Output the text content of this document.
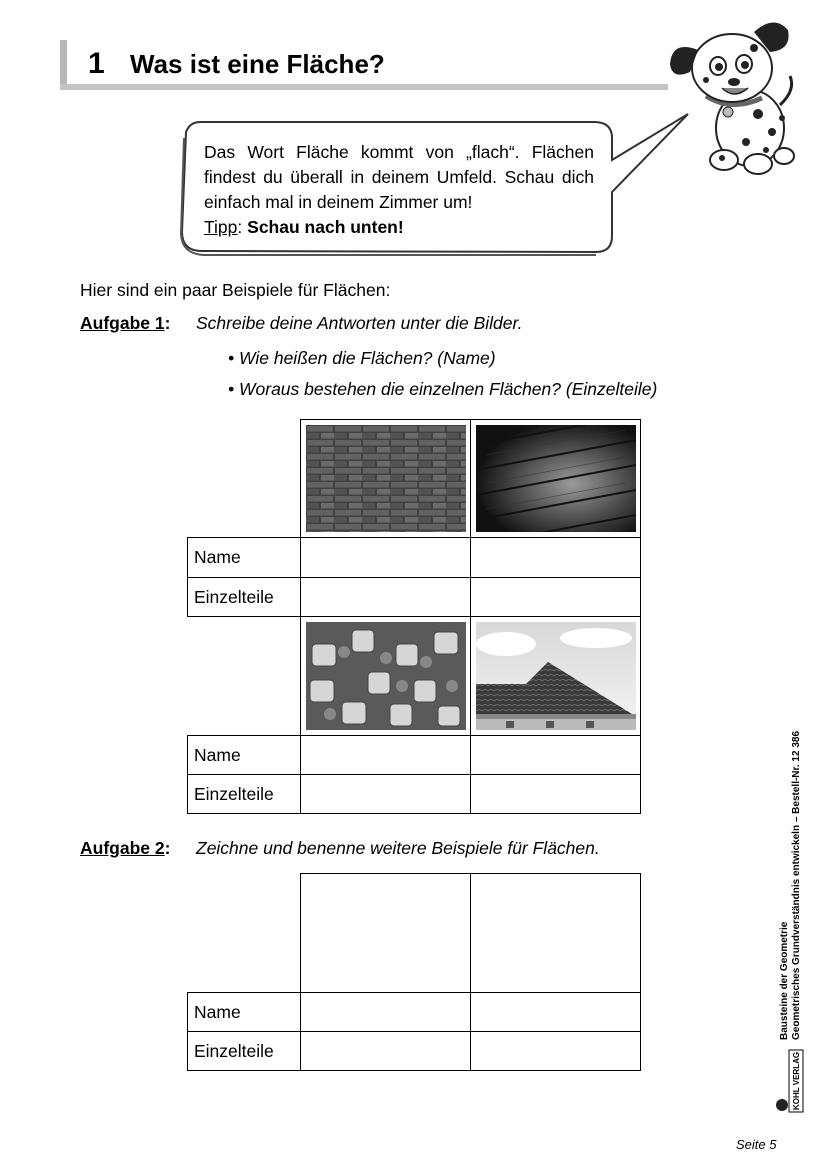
1 Was ist eine Fläche?
Das Wort Fläche kommt von „flach“. Flächen findest du überall in deinem Umfeld. Schau dich einfach mal in deinem Zimmer um!
Tipp: Schau nach unten!
Hier sind ein paar Beispiele für Flächen:
Aufgabe 1: Schreibe deine Antworten unter die Bilder.
• Wie heißen die Flächen? (Name)
• Woraus bestehen die einzelnen Flächen? (Einzelteile)
Name
Einzelteile
Name
Einzelteile
Aufgabe 2: Zeichne und benenne weitere Beispiele für Flächen.
Name
Einzelteile
Bausteine der Geometrie Geometrisches Grundverständnis entwickeln – Bestell-Nr. 12 386
KOHL VERLAG
Seite 5
